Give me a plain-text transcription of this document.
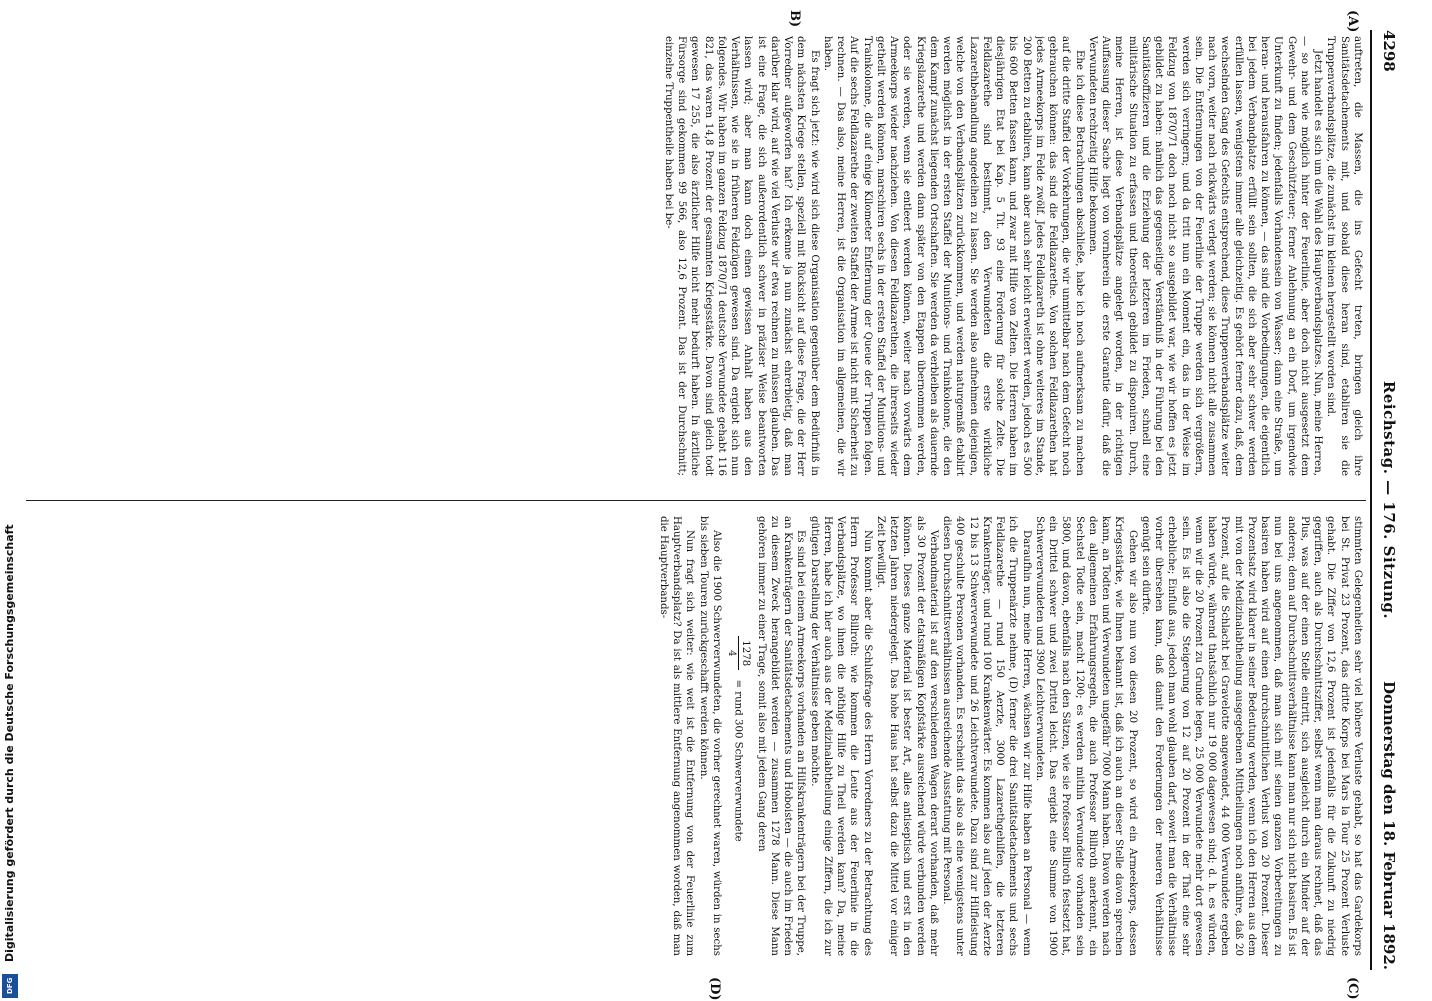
4298
Reichstag. — 176. Sitzung.
Donnerstag den 18. Februar 1892.
(A)
B)
(C)
(D)

auftreten, die Massen, die ins Gefecht treten, bringen gleich ihre Sanitätsdetachements mit, und sobald diese heran sind, etabliren sie die Truppenverbandsplätze, die zunächst im kleinen hergestellt worden sind.

Jetzt handelt es sich um die Wahl des Hauptverbandsplatzes. Nun, meine Herren, — so nahe wie möglich hinter der Feuerlinie, aber doch nicht ausgesetzt dem Gewehr- und dem Geschützfeuer; ferner Anlehnung an ein Dorf, um irgendwie Unterkunft zu finden; jedenfalls Vorhandensein von Wasser; dann eine Straße, um heran- und herausfahren zu können, — das sind die Vorbedingungen, die eigentlich bei jedem Verbandplatze erfüllt sein sollten, die sich aber sehr schwer werden erfüllen lassen, wenigstens immer alle gleichzeitig. Es gehört ferner dazu, daß, dem wechselnden Gang des Gefechts entsprechend, diese Truppenverbandsplätze weiter nach vorn, weiter nach rückwärts verlegt werden; sie können nicht alle zusammen sein. Die Entfernungen von der Feuerlinie der Truppe werden sich vergrößern, werden sich verringern; und da tritt nun ein Moment ein, das in der Weise im Feldzug von 1870/71 doch noch nicht so ausgebildet war, wie wir hoffen es jetzt gebildet zu haben: nämlich das gegenseitige Verständniß in der Führung bei den Sanitätsoffizieren und die Erziehung der letzteren im Frieden, schnell eine militärische Situation zu erfassen und theoretisch gebildet zu disponiren. Durch, meine Herren, ist diese Verbandsplätze angelegt worden, in der richtigen Auffassung dieser Sache liegt von vornherein die erste Garantie dafür, daß die Verwundeten rechtzeitig Hilfe bekommen.

Ehe ich diese Betrachtungen abschließe, habe ich noch aufmerksam zu machen auf die dritte Staffel der Vorkehrungen, die wir unmittelbar nach dem Gefecht noch gebrauchen können: das sind die Feldlazarethe. Von solchen Feldlazarethen hat jedes Armeekorps im Felde zwölf. Jedes Feldlazareth ist ohne weiteres im Stande, 200 Betten zu etabliren, kann aber auch sehr leicht erweitert werden, jedoch es 500 bis 600 Betten fassen kann, und zwar mit Hilfe von Zelten. Die Herren haben im diesjährigen Etat bei Kap. 5 Tit. 93 eine Forderung für solche Zelte. Die Feldlazarethe sind bestimmt, den Verwundeten die erste wirkliche Lazarethbehandlung angedeihen zu lassen. Sie werden also aufnehmen diejenigen, welche von den Verbandsplätzen zurückkommen, und werden naturgemäß etablirt werden möglichst in der ersten Staffel der Munitions- und Trainkolonne, die den dem Kampf zunächst liegenden Ortschaften. Sie werden da verbleiben als dauernde Kriegslazarethe und werden dann später von den Etappen übernommen werden, oder sie werden, wenn sie entleert werden können, weiter nach vorwärts dem Armeekorps wieder nachziehen. Von diesen Feldlazarethen, die ihrerseits wieder getheilt werden können, marschiren sechs in der ersten Staffel der Munitions- und Trainkolonne, die auf einige Kilometer Entfernung der Queue der Truppen folgen. Auf die sechs Feldlazarethe der zweiten Staffel der Armee ist nicht mit Sicherheit zu rechnen. — Das also, meine Herren, ist die Organisation im allgemeinen, die wir haben.

Es fragt sich jetzt: wie wird sich diese Organisation gegenüber dem Bedürfniß in dem nächsten Kriege stellen, speziell mit Rücksicht auf diese Frage, die der Herr Vorredner aufgeworfen hat? Ich erkenne ja nun zunächst ehrerbietig, daß man darüber klar wird, auf wie viel Verluste wir etwa rechnen zu müssen glauben. Das ist eine Frage, die sich außerordentlich schwer in präziser Weise beantworten lassen wird; aber man kann doch einen gewissen Anhalt haben aus den Verhältnissen, wie sie in früheren Feldzügen gewesen sind. Da ergiebt sich nun folgendes. Wir haben im ganzen Feldzug 1870/71 deutsche Verwundete gehabt 116 821, das waren 14,8 Prozent der gesammten Kriegsstärke. Davon sind gleich todt gewesen 17 255, die also ärztlicher Hilfe nicht mehr bedurft haben. In ärztliche Fürsorge sind gekommen 99 566, also 12,6 Prozent. Das ist der Durchschnitt; einzelne Truppentheile haben bei be-

stimmten Gelegenheiten sehr viel höhere Verluste gehabt, so hat das Gardekorps bei St. Privat 23 Prozent, das dritte Korps bei Mars la Tour 25 Prozent Verluste gehabt. Die Ziffer von 12,6 Prozent ist jedenfalls für die Zukunft zu niedrig gegriffen, auch als Durchschnittsziffer, selbst wenn man daraus rechnet, daß das Plus, was auf der einen Stelle eintritt, sich ausgleicht durch ein Minder auf der anderen; denn auf Durchschnittsverhältnisse kann man nur sich nicht basiren. Es ist nun bei uns angenommen, daß man sich mit seinen ganzen Vorbereitungen zu basiren haben wird auf einen durchschnittlichen Verlust von 20 Prozent. Dieser Prozentsatz wird klarer in seiner Bedeutung werden, wenn ich den Herren aus dem mit von der Medizinalabtheilung ausgegebenen Mittheilungen noch anführe, daß 20 Prozent, auf die Schlacht bei Gravelotte angewendet, 44 000 Verwundete ergeben haben würde, während thatsächlich nur 19 000 dagewesen sind; d. h. es würden, wenn wir die 20 Prozent zu Grunde legen, 25 000 Verwundete mehr dort gewesen sein. Es ist also die Steigerung von 12 auf 20 Prozent in der That eine sehr erhebliche; Einfluß aus, jedoch man wohl glauben darf, soweit man die Verhältnisse vorher übersehen kann, daß damit den Forderungen der neueren Verhältnisse genügt sein dürfte.

Gehen wir also nun von diesen 20 Prozent, so wird ein Armeekorps, dessen Kriegsstärke, wie Ihnen bekannt ist, daß ich auch an dieser Stelle davon sprechen kann, an Todten und Verwundeten ungefähr 7000 Mann haben. Davon werden nach den allgemeinen Erfahrungsregeln, die auch Professor Billroth anerkennt, ein Sechstel Todte sein, macht 1200; es werden mithin Verwundete vorhanden sein 5800, und davon, ebenfalls nach den Sätzen, wie sie Professor Billroth festsetzt hat, ein Drittel schwer und zwei Drittel leicht. Das ergiebt eine Summe von 1900 Schwerverwundeten und 3900 Leichtverwundeten.

Daraufhin nun, meine Herren, wächsen wir zur Hilfe haben an Personal — wenn ich die Truppenärzte nehme, (D) ferner die drei Sanitätsdetachements und sechs Feldlazarethe — rund 150 Aerzte, 3000 Lazarethgehilfen, die letzteren Krankenträger, und rund 100 Krankenwärter. Es kommen also auf jeden der Aerzte 12 bis 13 Schwerverwundete und 26 Leichtverwundete. Dazu sind zur Hilfleistung 400 geschulte Personen vorhanden. Es erscheint das also als eine wenigstens unter diesen Durchschnittsverhältnissen ausreichende Ausstattung mit Personal.

Verbandmaterial ist auf den verschiedenen Wagen derart vorhanden, daß mehr als 30 Prozent der etatsmäßigen Kopfstärke ausreichend würde verbunden werden können. Dieses ganze Material ist bester Art, alles antiseptisch und erst in den letzten Jahren niedergelegt. Das hohe Haus hat selbst dazu die Mittel vor einiger Zeit bewilligt.

Nun kommt aber die Schlußfrage des Herrn Vorredners zu der Betrachtung des Herrn Professor Billroth: wie kommen die Leute aus der Feuerlinie in die Verbandsplätze, wo ihnen die nöthige Hilfe zu Theil werden kann? Da, meine Herren, habe ich hier auch aus der Medizinalabtheilung einige Ziffern, die ich zur gütigen Darstellung der Verhältnisse geben möchte.

Es sind bei einem Armeekorps vorhanden an Hilfskrankenträgern bei der Truppe, an Krankenträgern der Sanitätsdetachements und Hoboisten — die auch im Frieden zu diesem Zweck herangebildet werden — zusammen 1278 Mann. Diese Mann gehören immer zu einer Trage, somit also mit jedem Gang deren

1278
4
= rund 300 Schwerverwundete

Also die 1900 Schwerverwundeten, die vorher gerechnet waren, würden in sechs bis sieben Touren zurückgeschafft werden können.

Nun fragt sich weiter: wie weit ist die Entfernung von der Feuerlinie zum Hauptverbandsplatz? Da ist als mittlere Entfernung angenommen worden, daß man die Hauptverbands-

Digitalisierung gefördert durch die Deutsche Forschungsgemeinschaft
DFG
